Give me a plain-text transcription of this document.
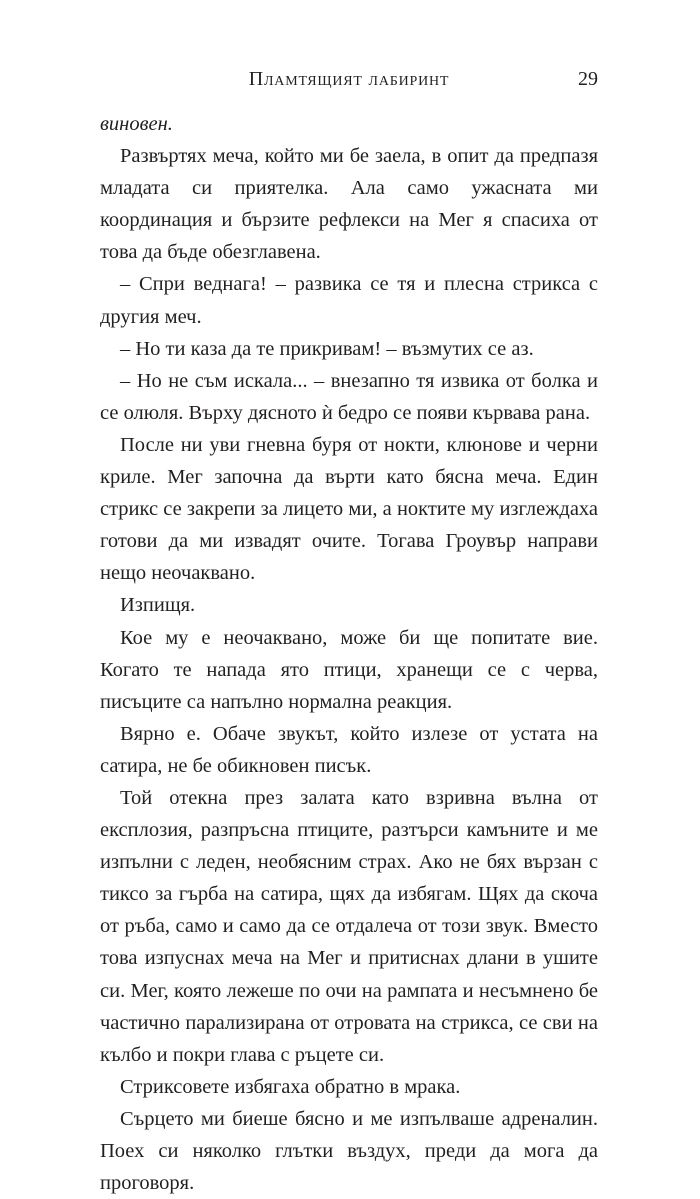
Пламтящият лабиринт	29

виновен.

Развъртях меча, който ми бе заела, в опит да предпазя младата си приятелка. Ала само ужасната ми координация и бързите рефлекси на Мег я спасиха от това да бъде обезглавена.

– Спри веднага! – развика се тя и плесна стрикса с другия меч.

– Но ти каза да те прикривам! – възмутих се аз.

– Но не съм искала... – внезапно тя извика от болка и се олюля. Върху дясното ѝ бедро се появи кървава рана.

После ни уви гневна буря от нокти, клюнове и черни криле. Мег започна да върти като бясна меча. Един стрикс се закрепи за лицето ми, а ноктите му изглеждаха готови да ми извадят очите. Тогава Гроувър направи нещо неочаквано.

Изпищя.

Кое му е неочаквано, може би ще попитате вие. Когато те напада ято птици, хранещи се с черва, писъците са напълно нормална реакция.

Вярно е. Обаче звукът, който излезе от устата на сатира, не бе обикновен писък.

Той отекна през залата като взривна вълна от експлозия, разпръсна птиците, разтърси камъните и ме изпълни с леден, необясним страх. Ако не бях вързан с тиксо за гърба на сатира, щях да избягам. Щях да скоча от ръба, само и само да се отдалеча от този звук. Вместо това изпуснах меча на Мег и притиснах длани в ушите си. Мег, която лежеше по очи на рампата и несъмнено бе частично парализирана от отровата на стрикса, се сви на кълбо и покри глава с ръцете си.

Стриксовете избягаха обратно в мрака.

Сърцето ми биеше бясно и ме изпълваше адреналин. Поех си няколко глътки въздух, преди да мога да проговоря.
